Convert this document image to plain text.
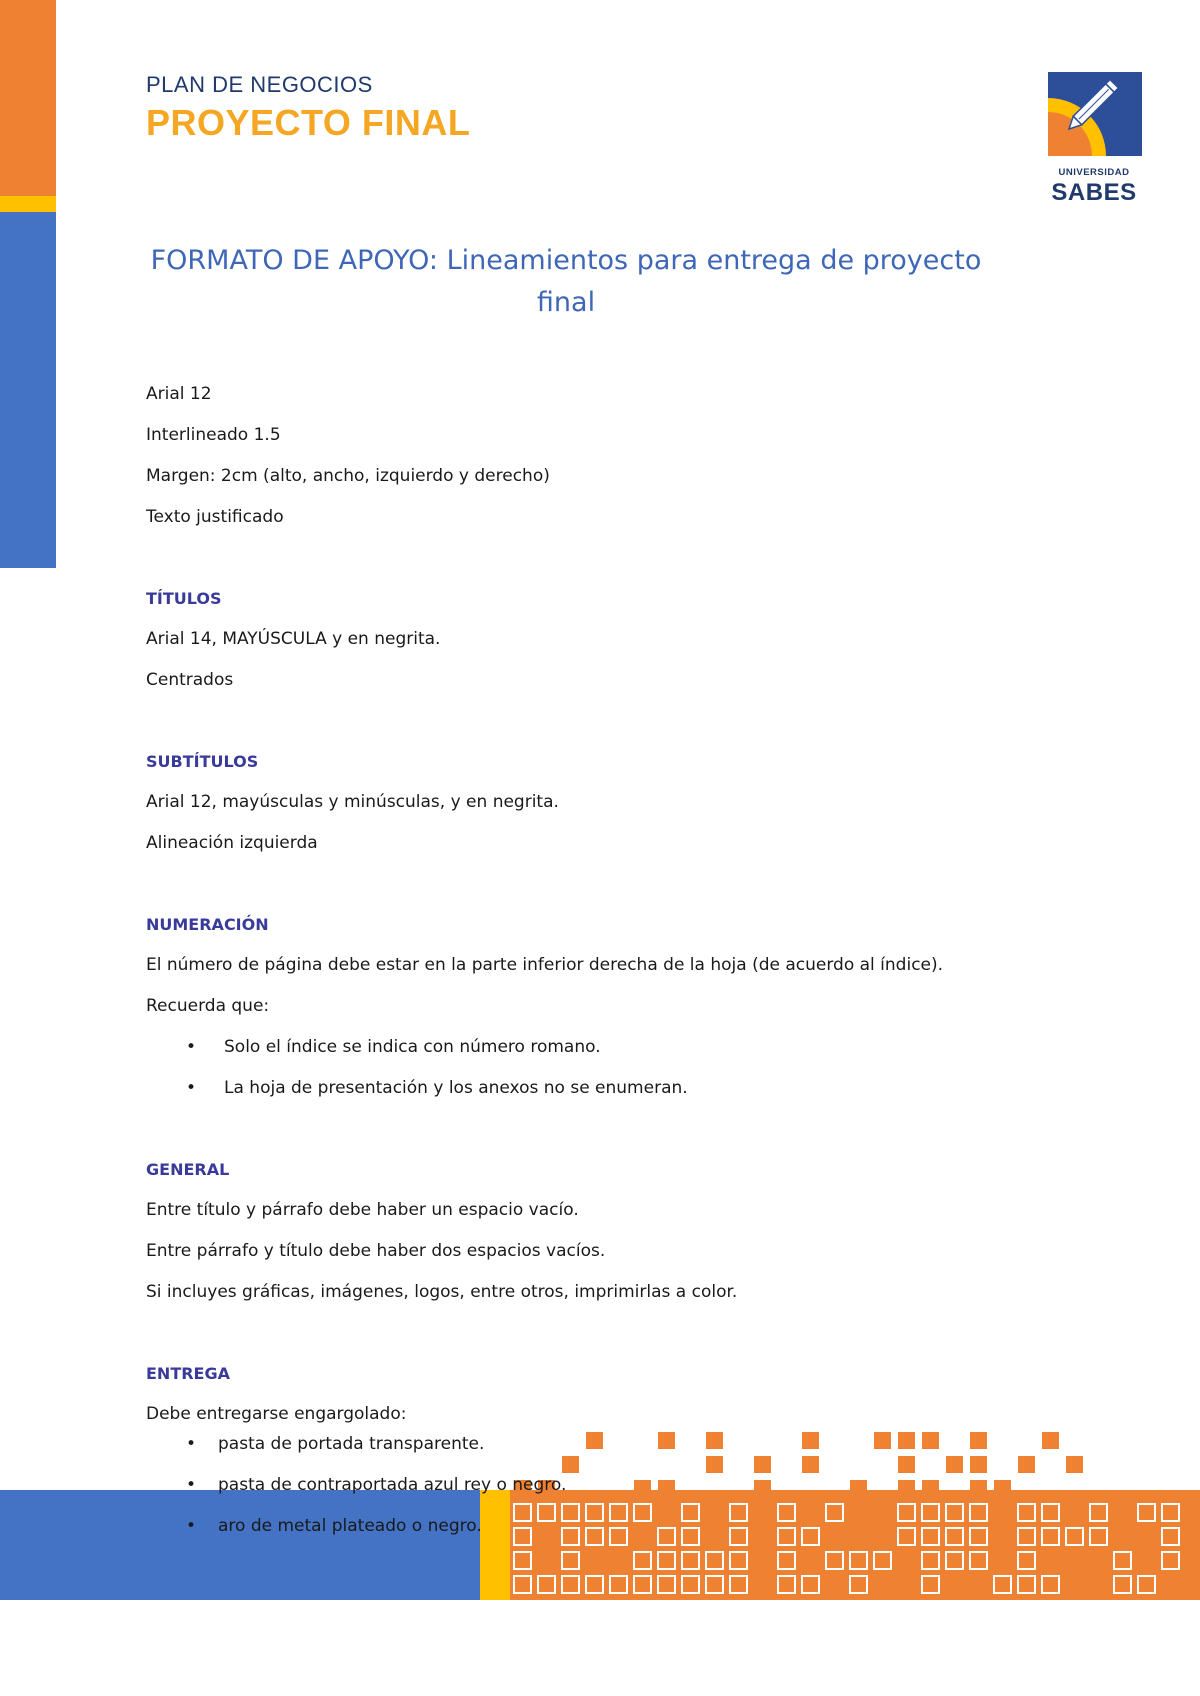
PLAN DE NEGOCIOS
PROYECTO FINAL
UNIVERSIDAD
SABES
FORMATO DE APOYO: Lineamientos para entrega de proyecto
final
Arial 12
Interlineado 1.5
Margen: 2cm (alto, ancho, izquierdo y derecho)
Texto justificado
TÍTULOS
Arial 14, MAYÚSCULA y en negrita.
Centrados
SUBTÍTULOS
Arial 12, mayúsculas y minúsculas, y en negrita.
Alineación izquierda
NUMERACIÓN
El número de página debe estar en la parte inferior derecha de la hoja (de acuerdo al índice).
Recuerda que:
• Solo el índice se indica con número romano.
• La hoja de presentación y los anexos no se enumeran.
GENERAL
Entre título y párrafo debe haber un espacio vacío.
Entre párrafo y título debe haber dos espacios vacíos.
Si incluyes gráficas, imágenes, logos, entre otros, imprimirlas a color.
ENTREGA
Debe entregarse engargolado:
• pasta de portada transparente.
• pasta de contraportada azul rey o negro.
• aro de metal plateado o negro.
